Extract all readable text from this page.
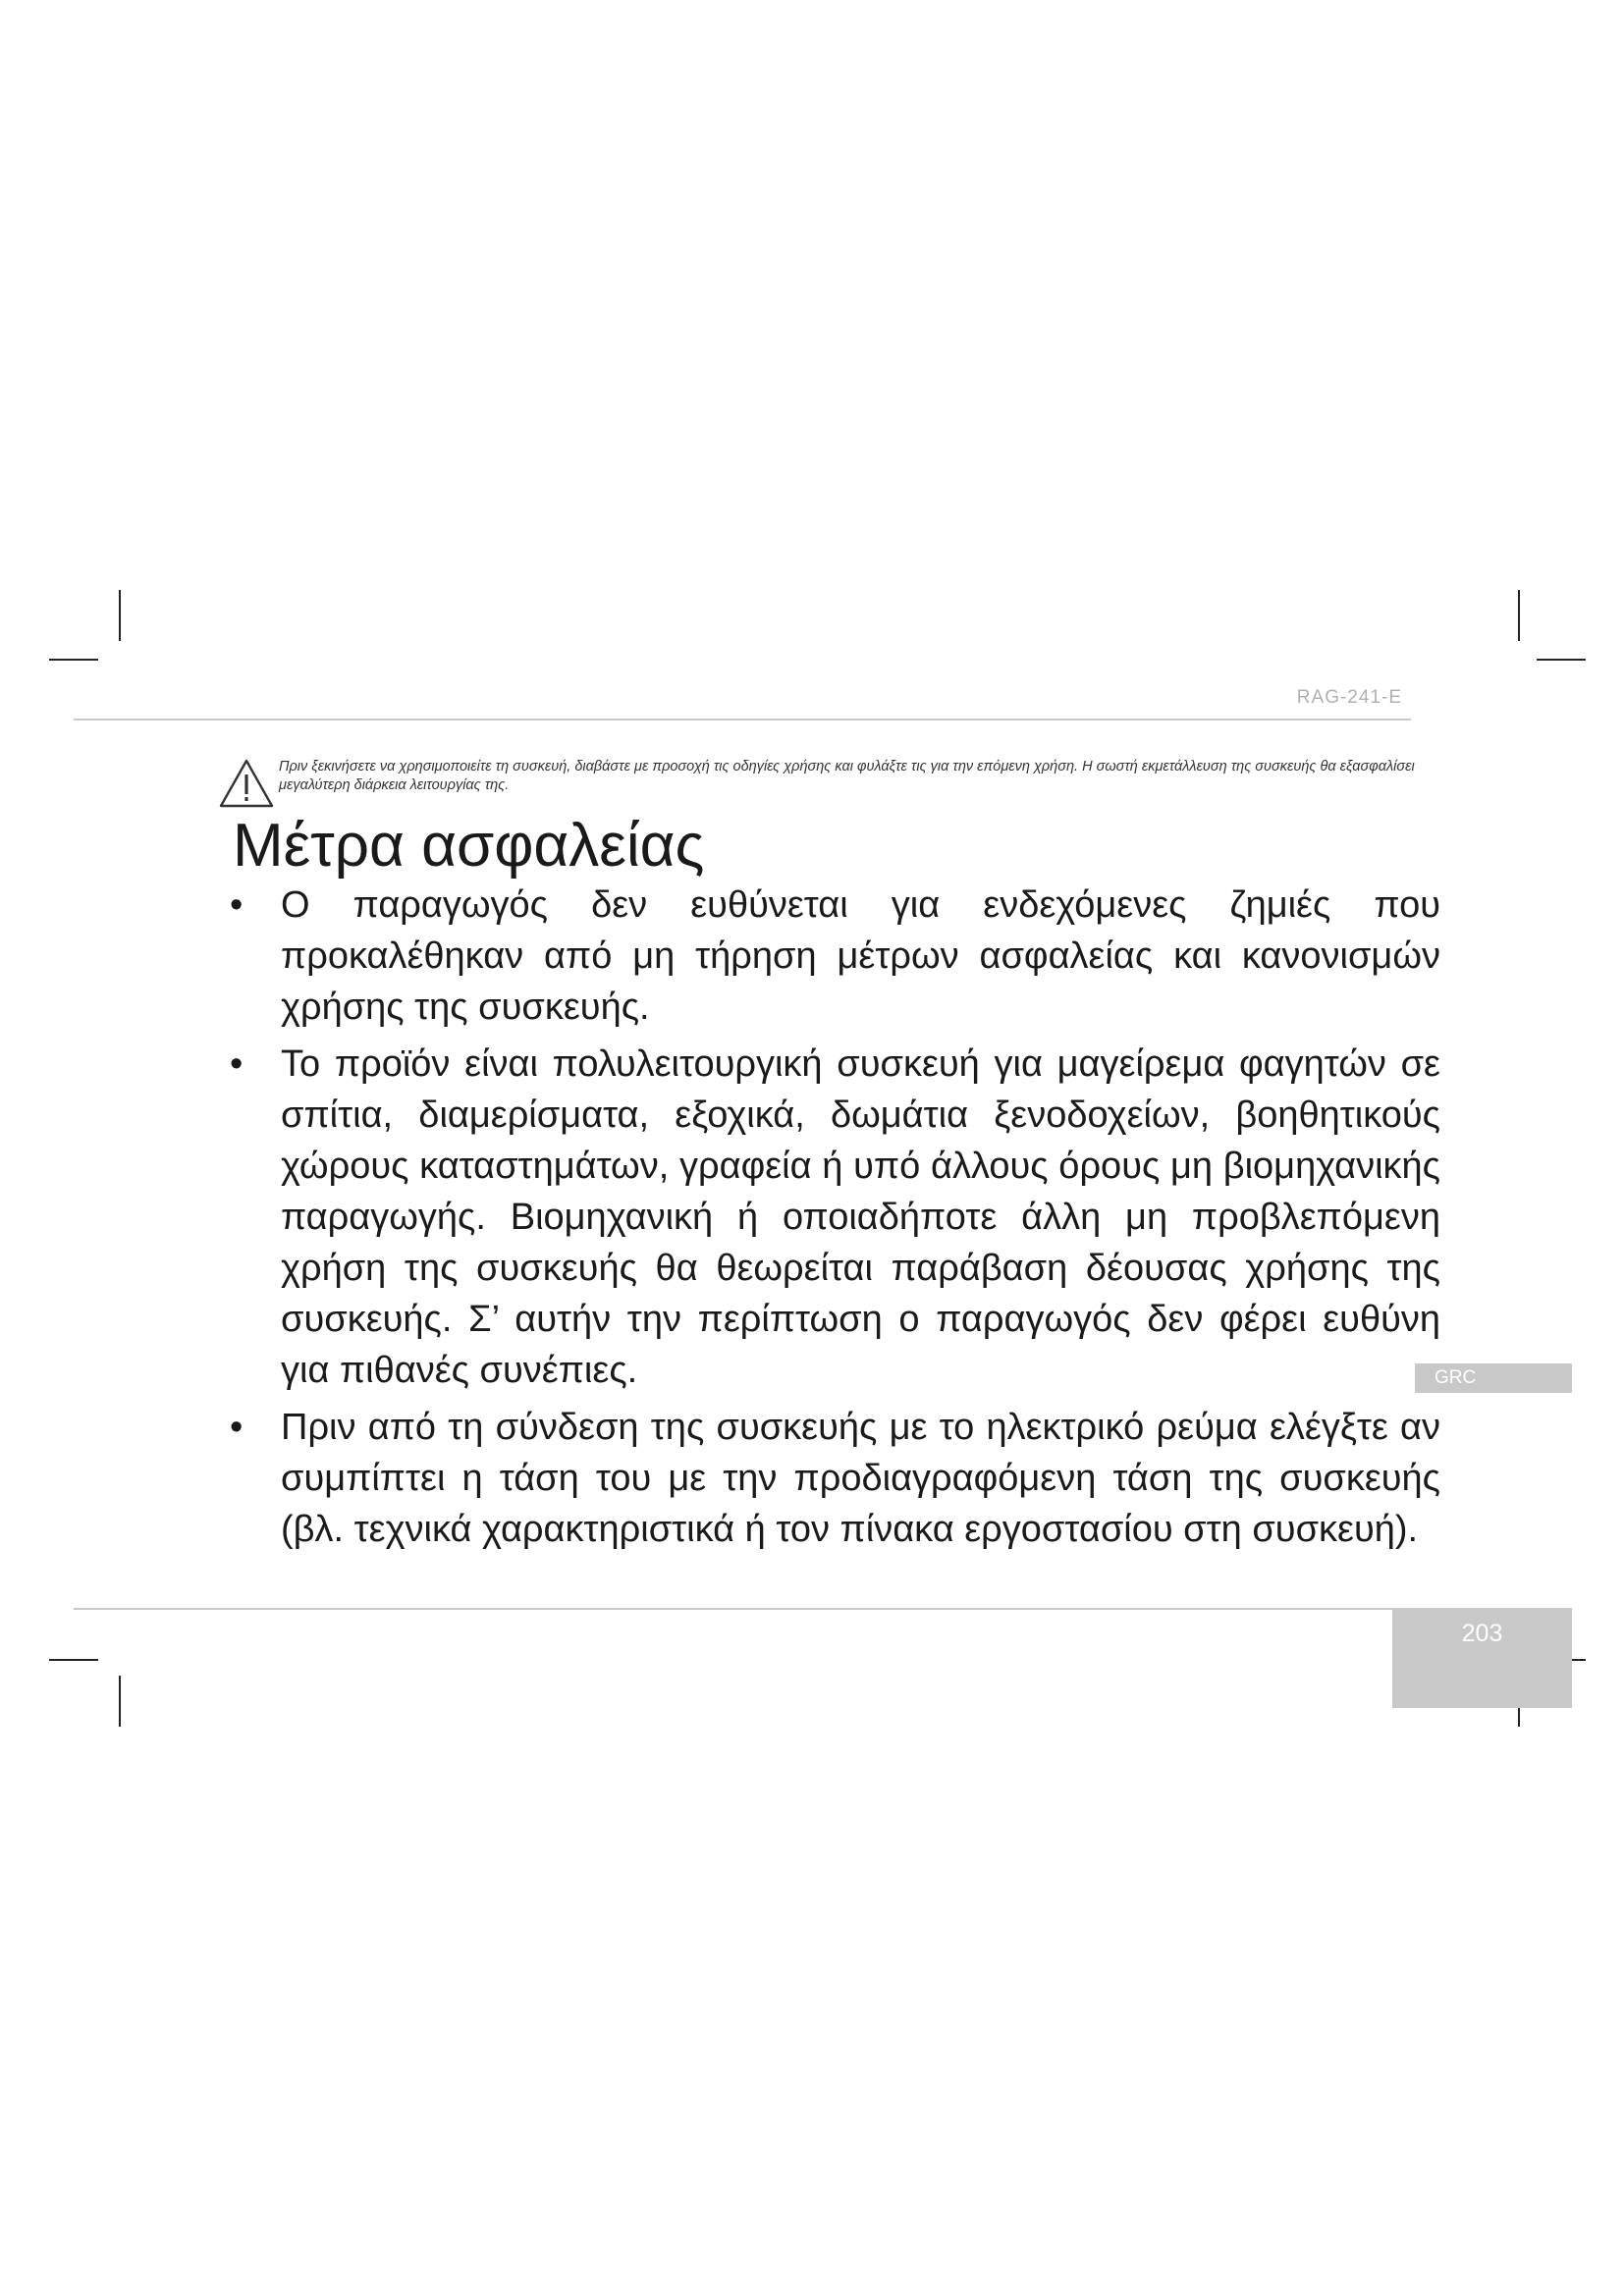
RAG-241-E
Πριν ξεκινήσετε να χρησιμοποιείτε τη συσκευή, διαβάστε με προσοχή τις οδηγίες χρήσης και φυλάξτε τις για την επόμενη χρήση. Η σωστή εκμετάλλευση της συσκευής θα εξασφαλίσει μεγαλύτερη διάρκεια λειτουργίας της.
Μέτρα ασφαλείας
• Ο παραγωγός δεν ευθύνεται για ενδεχόμενες ζημιές που προκαλέθηκαν από μη τήρηση μέτρων ασφαλείας και κανονισμών χρήσης της συσκευής.
• Το προϊόν είναι πολυλειτουργική συσκευή για μαγείρεμα φαγητών σε σπίτια, διαμερίσματα, εξοχικά, δωμάτια ξενοδοχείων, βοηθητικούς χώρους καταστημάτων, γραφεία ή υπό άλλους όρους μη βιομηχανικής παραγωγής. Βιομηχανική ή οποιαδήποτε άλλη μη προβλεπόμενη χρήση της συσκευής θα θεωρείται παράβαση δέουσας χρήσης της συσκευής. Σ’ αυτήν την περίπτωση ο παραγωγός δεν φέρει ευθύνη για πιθανές συνέπιες.
• Πριν από τη σύνδεση της συσκευής με το ηλεκτρικό ρεύμα ελέγξτε αν συμπίπτει η τάση του με την προδιαγραφόμενη τάση της συσκευής (βλ. τεχνικά χαρακτηριστικά ή τον πίνακα εργοστασίου στη συσκευή).
GRC
203
